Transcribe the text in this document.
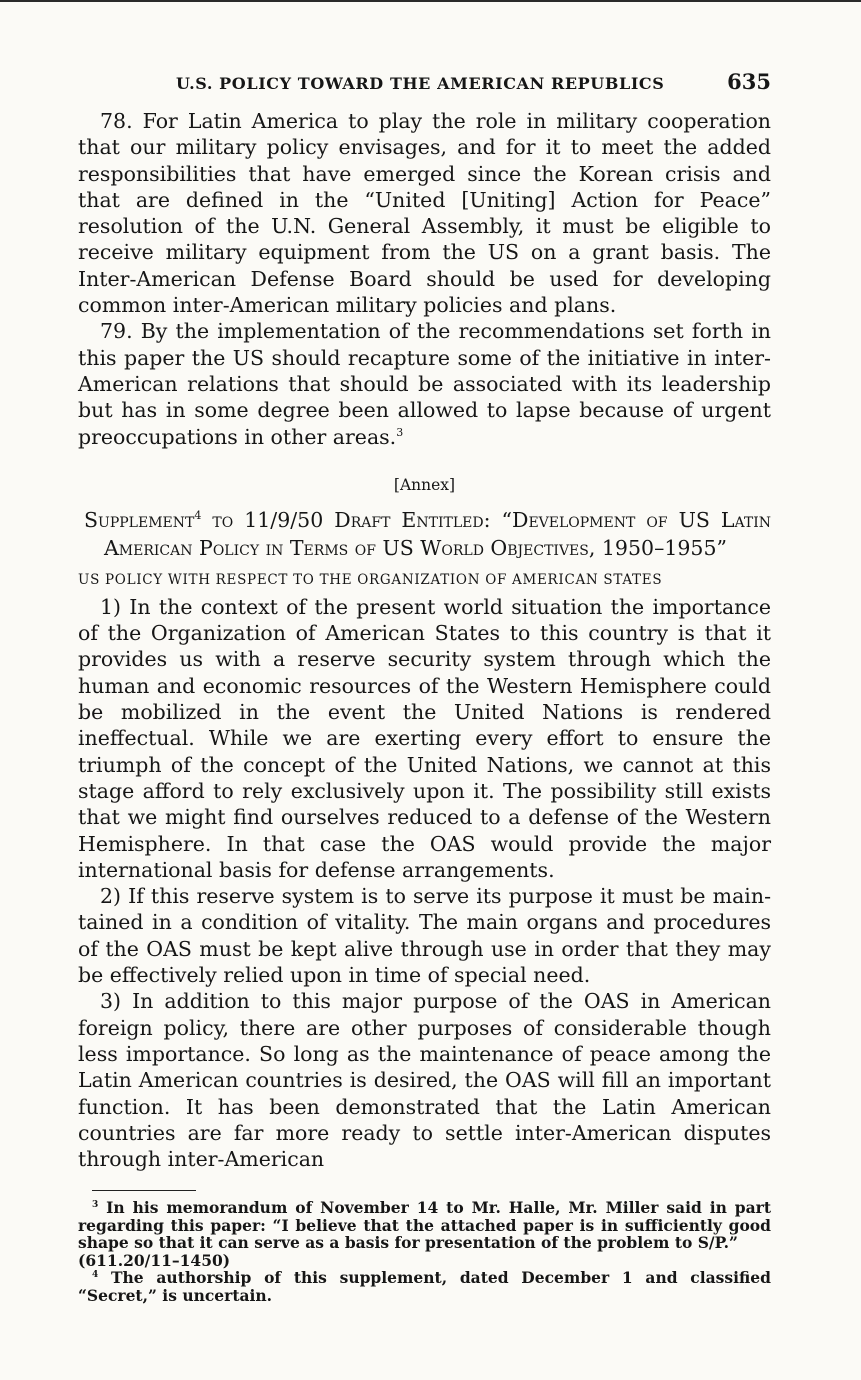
U.S. POLICY TOWARD THE AMERICAN REPUBLICS	635

78. For Latin America to play the role in military cooperation that our military policy envisages, and for it to meet the added responsibilities that have emerged since the Korean crisis and that are defined in the “United [Uniting] Action for Peace” resolution of the U.N. General Assembly, it must be eligible to receive military equipment from the US on a grant basis. The Inter-American Defense Board should be used for developing common inter-American military policies and plans.

79. By the implementation of the recommendations set forth in this paper the US should recapture some of the initiative in inter-American relations that should be associated with its leadership but has in some degree been allowed to lapse because of urgent preoccupations in other areas.$^3$

[Annex]
Supplement$^4$ to 11/9/50 Draft Entitled: “Development of US Latin American Policy in Terms of US World Objectives, 1950–1955”
US POLICY WITH RESPECT TO THE ORGANIZATION OF AMERICAN STATES

1) In the context of the present world situation the importance of the Organization of American States to this country is that it provides us with a reserve security system through which the human and economic resources of the Western Hemisphere could be mobilized in the event the United Nations is rendered ineffectual. While we are exerting every effort to ensure the triumph of the concept of the United Nations, we cannot at this stage afford to rely exclusively upon it. The possibility still exists that we might find ourselves reduced to a defense of the Western Hemisphere. In that case the OAS would provide the major international basis for defense arrangements.

2) If this reserve system is to serve its purpose it must be maintained in a condition of vitality. The main organs and procedures of the OAS must be kept alive through use in order that they may be effectively relied upon in time of special need.

3) In addition to this major purpose of the OAS in American foreign policy, there are other purposes of considerable though less importance. So long as the maintenance of peace among the Latin American countries is desired, the OAS will fill an important function. It has been demonstrated that the Latin American countries are far more ready to settle inter-American disputes through inter-American

$^3$ In his memorandum of November 14 to Mr. Halle, Mr. Miller said in part regarding this paper: “I believe that the attached paper is in sufficiently good shape so that it can serve as a basis for presentation of the problem to S/P.”
(611.20/11–1450)

$^4$ The authorship of this supplement, dated December 1 and classified “Secret,” is uncertain.
